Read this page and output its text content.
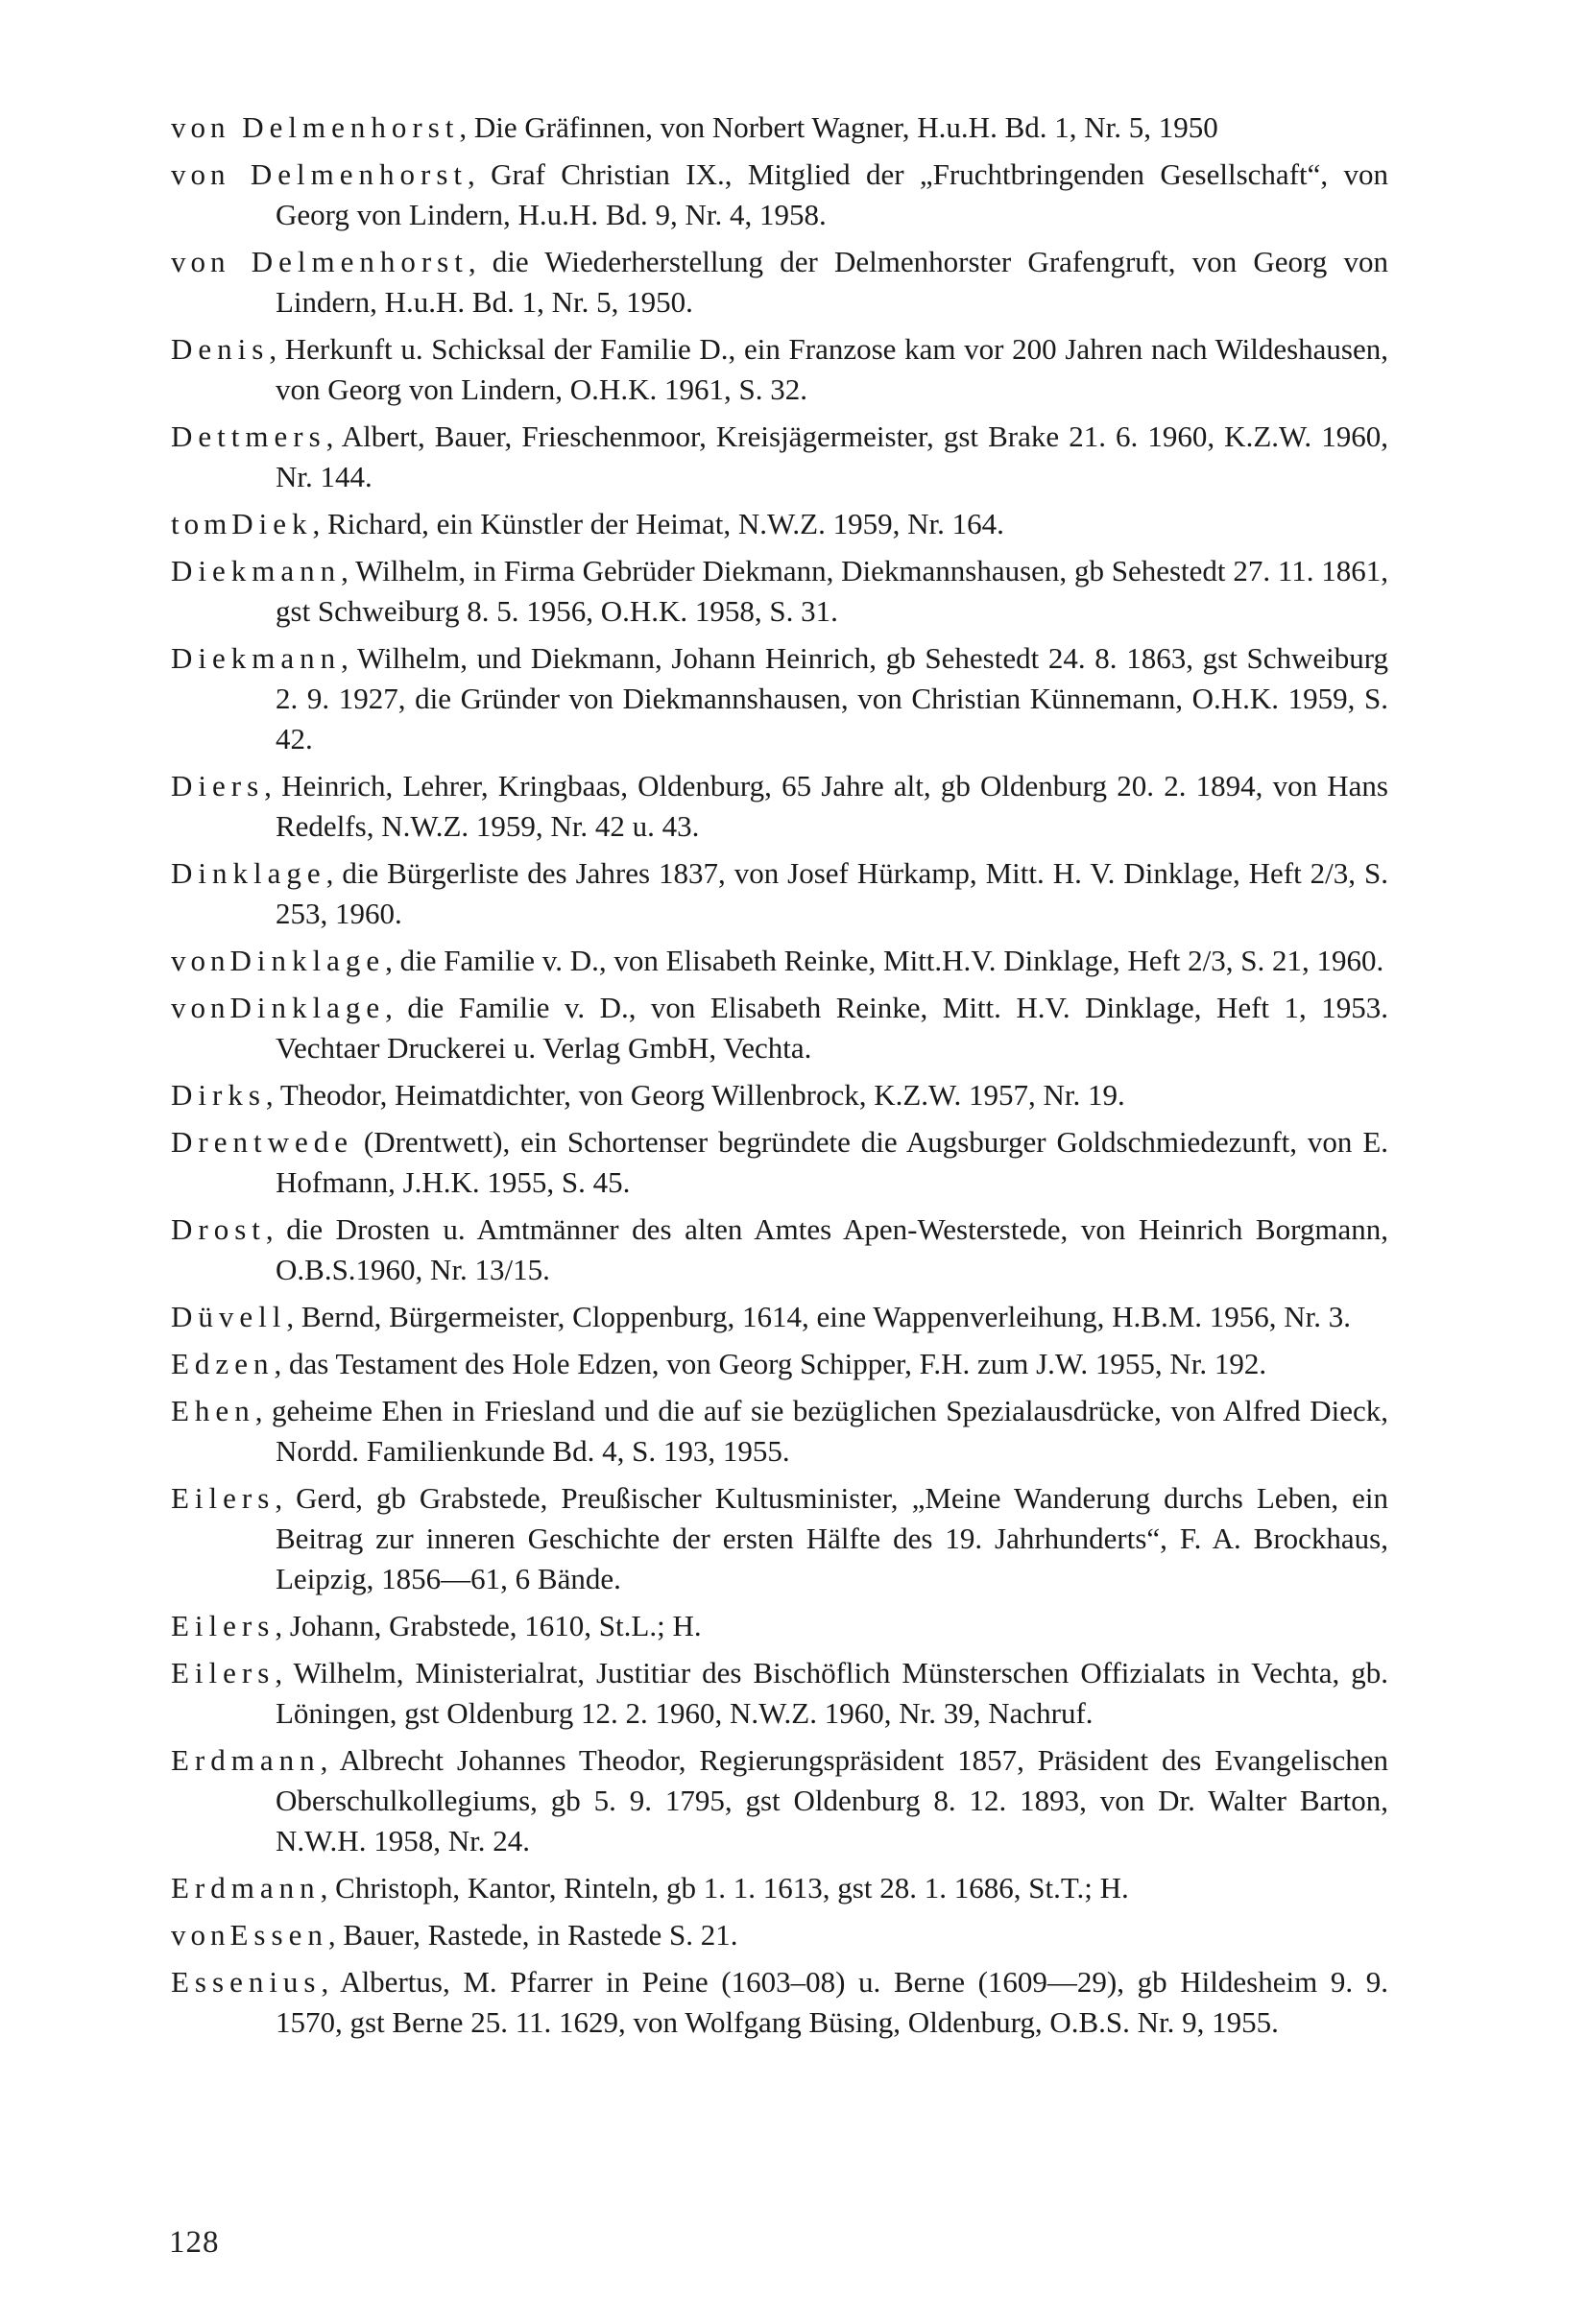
von Delmenhorst, Die Gräfinnen, von Norbert Wagner, H.u.H. Bd. 1, Nr. 5, 1950
von Delmenhorst, Graf Christian IX., Mitglied der „Fruchtbringenden Gesellschaft“, von Georg von Lindern, H.u.H. Bd. 9, Nr. 4, 1958.
von Delmenhorst, die Wiederherstellung der Delmenhorster Grafengruft, von Georg von Lindern, H.u.H. Bd. 1, Nr. 5, 1950.
Denis, Herkunft u. Schicksal der Familie D., ein Franzose kam vor 200 Jahren nach Wildeshausen, von Georg von Lindern, O.H.K. 1961, S. 32.
Dettmers, Albert, Bauer, Frieschenmoor, Kreisjägermeister, gst Brake 21. 6. 1960, K.Z.W. 1960, Nr. 144.
tomDiek, Richard, ein Künstler der Heimat, N.W.Z. 1959, Nr. 164.
Diekmann, Wilhelm, in Firma Gebrüder Diekmann, Diekmannshausen, gb Sehestedt 27. 11. 1861, gst Schweiburg 8. 5. 1956, O.H.K. 1958, S. 31.
Diekmann, Wilhelm, und Diekmann, Johann Heinrich, gb Sehestedt 24. 8. 1863, gst Schweiburg 2. 9. 1927, die Gründer von Diekmannshausen, von Christian Künnemann, O.H.K. 1959, S. 42.
Diers, Heinrich, Lehrer, Kringbaas, Oldenburg, 65 Jahre alt, gb Oldenburg 20. 2. 1894, von Hans Redelfs, N.W.Z. 1959, Nr. 42 u. 43.
Dinklage, die Bürgerliste des Jahres 1837, von Josef Hürkamp, Mitt. H. V. Dinklage, Heft 2/3, S. 253, 1960.
vonDinklage, die Familie v. D., von Elisabeth Reinke, Mitt.H.V. Dinklage, Heft 2/3, S. 21, 1960.
vonDinklage, die Familie v. D., von Elisabeth Reinke, Mitt. H.V. Dinklage, Heft 1, 1953. Vechtaer Druckerei u. Verlag GmbH, Vechta.
Dirks, Theodor, Heimatdichter, von Georg Willenbrock, K.Z.W. 1957, Nr. 19.
Drentwede (Drentwett), ein Schortenser begründete die Augsburger Goldschmiedezunft, von E. Hofmann, J.H.K. 1955, S. 45.
Drost, die Drosten u. Amtmänner des alten Amtes Apen-Westerstede, von Heinrich Borgmann, O.B.S.1960, Nr. 13/15.
Düvell, Bernd, Bürgermeister, Cloppenburg, 1614, eine Wappenverleihung, H.B.M. 1956, Nr. 3.
Edzen, das Testament des Hole Edzen, von Georg Schipper, F.H. zum J.W. 1955, Nr. 192.
Ehen, geheime Ehen in Friesland und die auf sie bezüglichen Spezialausdrücke, von Alfred Dieck, Nordd. Familienkunde Bd. 4, S. 193, 1955.
Eilers, Gerd, gb Grabstede, Preußischer Kultusminister, „Meine Wanderung durchs Leben, ein Beitrag zur inneren Geschichte der ersten Hälfte des 19. Jahrhunderts“, F. A. Brockhaus, Leipzig, 1856—61, 6 Bände.
Eilers, Johann, Grabstede, 1610, St.L.; H.
Eilers, Wilhelm, Ministerialrat, Justitiar des Bischöflich Münsterschen Offizialats in Vechta, gb. Löningen, gst Oldenburg 12. 2. 1960, N.W.Z. 1960, Nr. 39, Nachruf.
Erdmann, Albrecht Johannes Theodor, Regierungspräsident 1857, Präsident des Evangelischen Oberschulkollegiums, gb 5. 9. 1795, gst Oldenburg 8. 12. 1893, von Dr. Walter Barton, N.W.H. 1958, Nr. 24.
Erdmann, Christoph, Kantor, Rinteln, gb 1. 1. 1613, gst 28. 1. 1686, St.T.; H.
vonEssen, Bauer, Rastede, in Rastede S. 21.
Essenius, Albertus, M. Pfarrer in Peine (1603–08) u. Berne (1609—29), gb Hildesheim 9. 9. 1570, gst Berne 25. 11. 1629, von Wolfgang Büsing, Oldenburg, O.B.S. Nr. 9, 1955.
128
